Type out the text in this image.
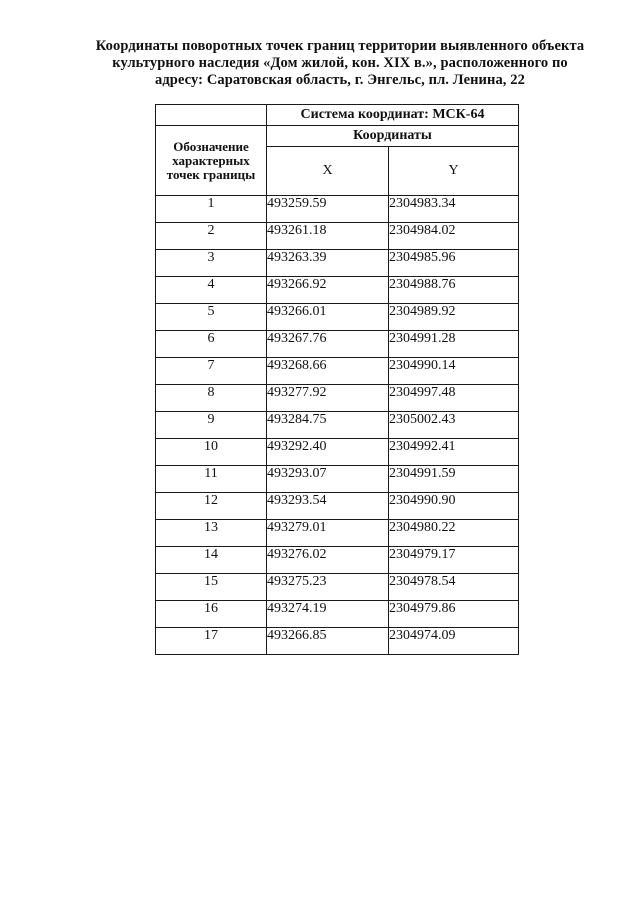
Координаты поворотных точек границ территории выявленного объекта
культурного наследия «Дом жилой, кон. XIX в.», расположенного по
адресу: Саратовская область, г. Энгельс, пл. Ленина, 22
	Система координат: МСК-64	
Обозначение характерных точек границы	Координаты	
	X	Y
1	493259.59	2304983.34
2	493261.18	2304984.02
3	493263.39	2304985.96
4	493266.92	2304988.76
5	493266.01	2304989.92
6	493267.76	2304991.28
7	493268.66	2304990.14
8	493277.92	2304997.48
9	493284.75	2305002.43
10	493292.40	2304992.41
11	493293.07	2304991.59
12	493293.54	2304990.90
13	493279.01	2304980.22
14	493276.02	2304979.17
15	493275.23	2304978.54
16	493274.19	2304979.86
17	493266.85	2304974.09
